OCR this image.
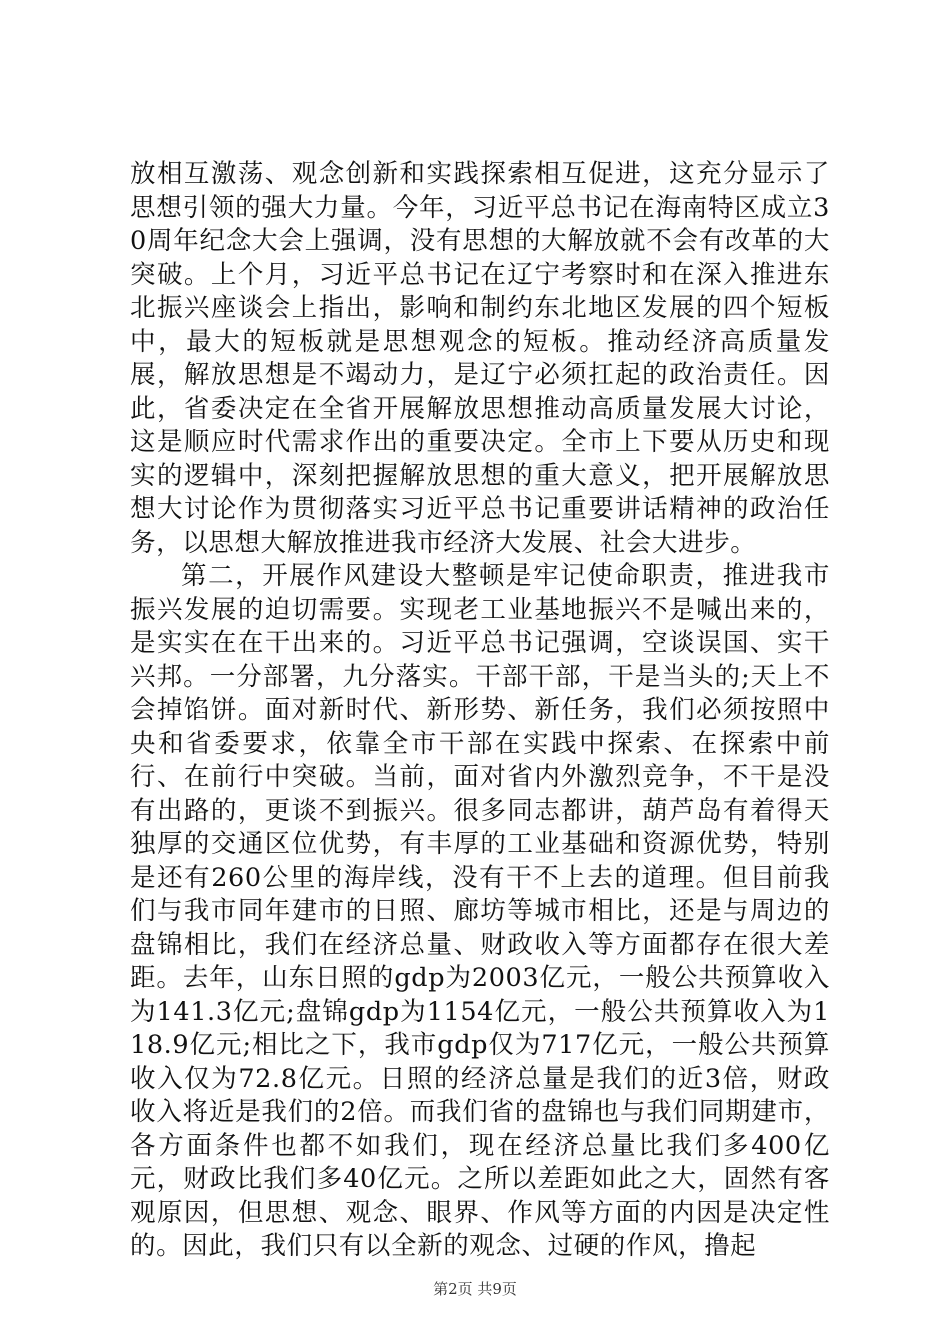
放相互激荡、观念创新和实践探索相互促进，这充分显示了思想引领的强大力量。今年，习近平总书记在海南特区成立30周年纪念大会上强调，没有思想的大解放就不会有改革的大突破。上个月，习近平总书记在辽宁考察时和在深入推进东北振兴座谈会上指出，影响和制约东北地区发展的四个短板中，最大的短板就是思想观念的短板。推动经济高质量发展，解放思想是不竭动力，是辽宁必须扛起的政治责任。因此，省委决定在全省开展解放思想推动高质量发展大讨论，这是顺应时代需求作出的重要决定。全市上下要从历史和现实的逻辑中，深刻把握解放思想的重大意义，把开展解放思想大讨论作为贯彻落实习近平总书记重要讲话精神的政治任务，以思想大解放推进我市经济大发展、社会大进步。

第二，开展作风建设大整顿是牢记使命职责，推进我市振兴发展的迫切需要。实现老工业基地振兴不是喊出来的，是实实在在干出来的。习近平总书记强调，空谈误国、实干兴邦。一分部署，九分落实。干部干部，干是当头的;天上不会掉馅饼。面对新时代、新形势、新任务，我们必须按照中央和省委要求，依靠全市干部在实践中探索、在探索中前行、在前行中突破。当前，面对省内外激烈竞争，不干是没有出路的，更谈不到振兴。很多同志都讲，葫芦岛有着得天独厚的交通区位优势，有丰厚的工业基础和资源优势，特别是还有260公里的海岸线，没有干不上去的道理。但目前我们与我市同年建市的日照、廊坊等城市相比，还是与周边的盘锦相比，我们在经济总量、财政收入等方面都存在很大差距。去年，山东日照的gdp为2003亿元，一般公共预算收入为141.3亿元;盘锦gdp为1154亿元，一般公共预算收入为118.9亿元;相比之下，我市gdp仅为717亿元，一般公共预算收入仅为72.8亿元。日照的经济总量是我们的近3倍，财政收入将近是我们的2倍。而我们省的盘锦也与我们同期建市，各方面条件也都不如我们，现在经济总量比我们多400亿元，财政比我们多40亿元。之所以差距如此之大，固然有客观原因，但思想、观念、眼界、作风等方面的内因是决定性的。因此，我们只有以全新的观念、过硬的作风，撸起

第2页 共9页
